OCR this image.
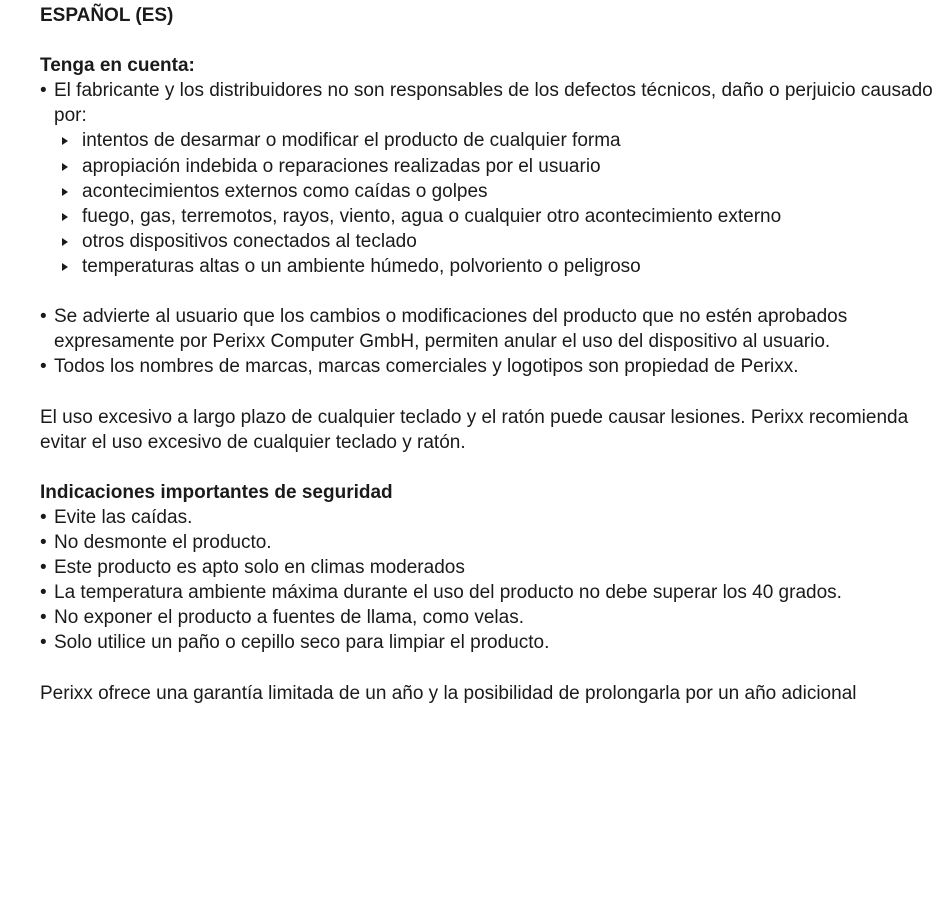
ESPAÑOL (ES)

Tenga en cuenta:

• El fabricante y los distribuidores no son responsables de los defectos técnicos, daño o perjuicio causado por:

intentos de desarmar o modificar el producto de cualquier forma
apropiación indebida o reparaciones realizadas por el usuario
acontecimientos externos como caídas o golpes
fuego, gas, terremotos, rayos, viento, agua o cualquier otro acontecimiento externo
otros dispositivos conectados al teclado
temperaturas altas o un ambiente húmedo, polvoriento o peligroso

• Se advierte al usuario que los cambios o modificaciones del producto que no estén aprobados expresamente por Perixx Computer GmbH, permiten anular el uso del dispositivo al usuario.

• Todos los nombres de marcas, marcas comerciales y logotipos son propiedad de Perixx.

El uso excesivo a largo plazo de cualquier teclado y el ratón puede causar lesiones. Perixx recomienda evitar el uso excesivo de cualquier teclado y ratón.

Indicaciones importantes de seguridad

• Evite las caídas.

• No desmonte el producto.

• Este producto es apto solo en climas moderados

• La temperatura ambiente máxima durante el uso del producto no debe superar los 40 grados.

• No exponer el producto a fuentes de llama, como velas.

• Solo utilice un paño o cepillo seco para limpiar el producto.

Perixx ofrece una garantía limitada de un año y la posibilidad de prolongarla por un año adicional
